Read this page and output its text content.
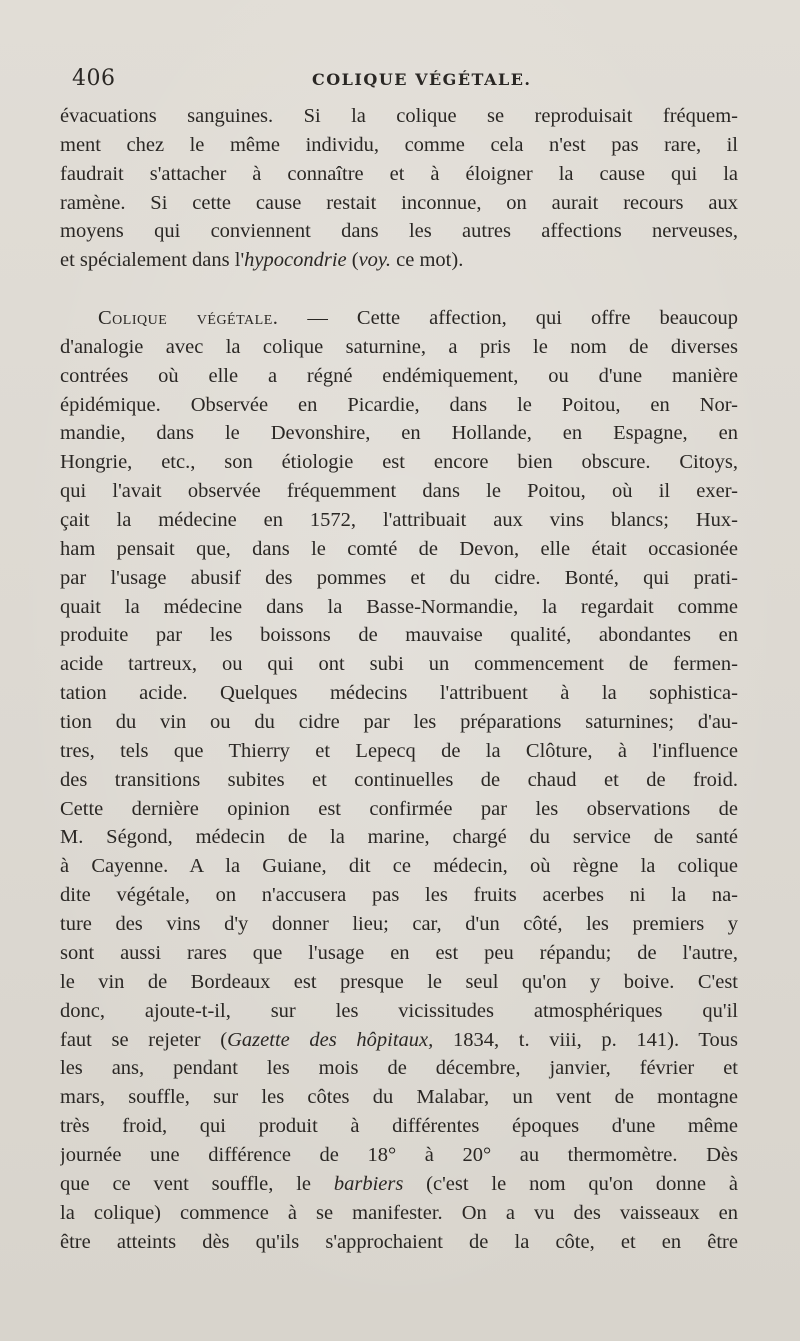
406	COLIQUE VÉGÉTALE.
évacuations sanguines. Si la colique se reproduisait fréquem-
ment chez le même individu, comme cela n'est pas rare, il
faudrait s'attacher à connaître et à éloigner la cause qui la
ramène. Si cette cause restait inconnue, on aurait recours aux
moyens qui conviennent dans les autres affections nerveuses,
et spécialement dans l'hypocondrie (voy. ce mot).
Colique végétale. — Cette affection, qui offre beaucoup
d'analogie avec la colique saturnine, a pris le nom de diverses
contrées où elle a régné endémiquement, ou d'une manière
épidémique. Observée en Picardie, dans le Poitou, en Nor-
mandie, dans le Devonshire, en Hollande, en Espagne, en
Hongrie, etc., son étiologie est encore bien obscure. Citoys,
qui l'avait observée fréquemment dans le Poitou, où il exer-
çait la médecine en 1572, l'attribuait aux vins blancs; Hux-
ham pensait que, dans le comté de Devon, elle était occasionée
par l'usage abusif des pommes et du cidre. Bonté, qui prati-
quait la médecine dans la Basse-Normandie, la regardait comme
produite par les boissons de mauvaise qualité, abondantes en
acide tartreux, ou qui ont subi un commencement de fermen-
tation acide. Quelques médecins l'attribuent à la sophistica-
tion du vin ou du cidre par les préparations saturnines; d'au-
tres, tels que Thierry et Lepecq de la Clôture, à l'influence
des transitions subites et continuelles de chaud et de froid.
Cette dernière opinion est confirmée par les observations de
M. Ségond, médecin de la marine, chargé du service de santé
à Cayenne. A la Guiane, dit ce médecin, où règne la colique
dite végétale, on n'accusera pas les fruits acerbes ni la na-
ture des vins d'y donner lieu; car, d'un côté, les premiers y
sont aussi rares que l'usage en est peu répandu; de l'autre,
le vin de Bordeaux est presque le seul qu'on y boive. C'est
donc, ajoute-t-il, sur les vicissitudes atmosphériques qu'il
faut se rejeter (Gazette des hôpitaux, 1834, t. viii, p. 141). Tous
les ans, pendant les mois de décembre, janvier, février et
mars, souffle, sur les côtes du Malabar, un vent de montagne
très froid, qui produit à différentes époques d'une même
journée une différence de 18° à 20° au thermomètre. Dès
que ce vent souffle, le barbiers (c'est le nom qu'on donne à
la colique) commence à se manifester. On a vu des vaisseaux en
être atteints dès qu'ils s'approchaient de la côte, et en être
